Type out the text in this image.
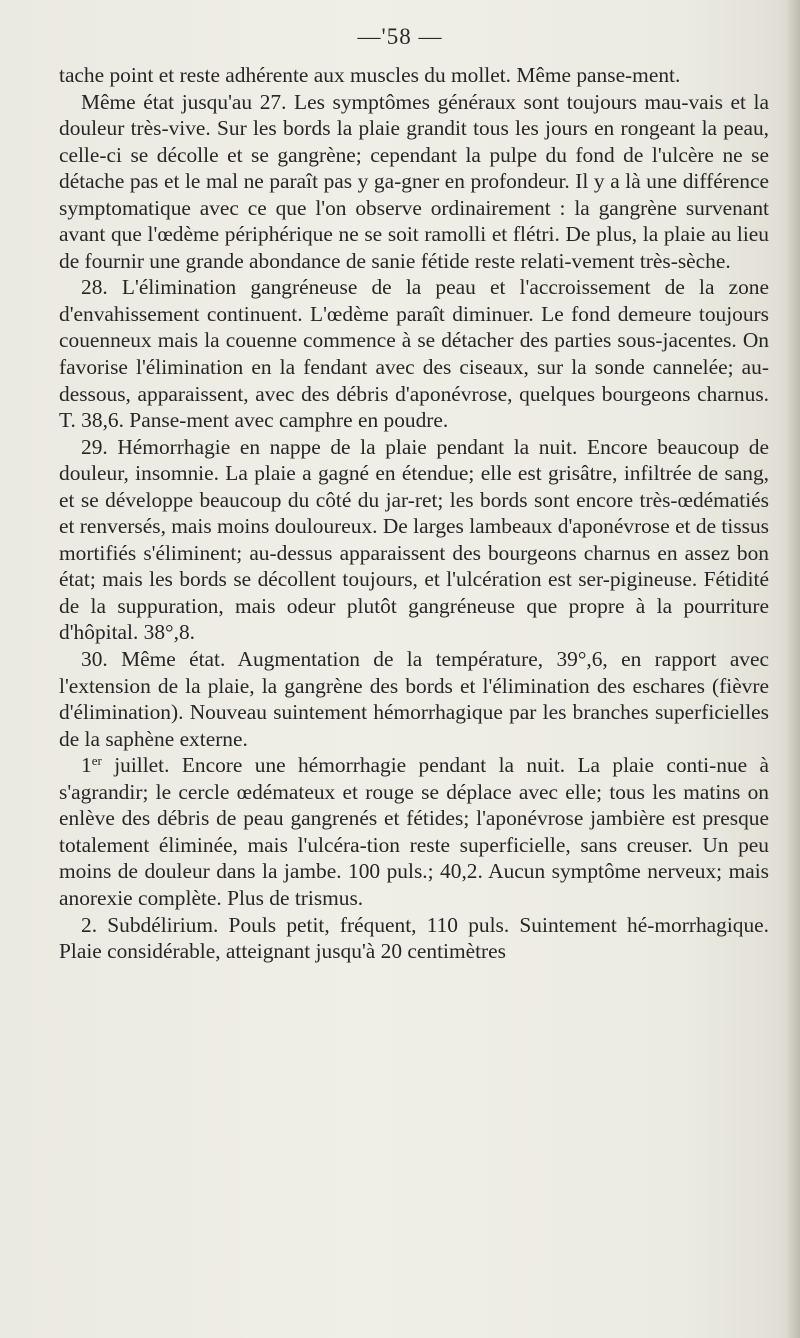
—'58 —

tache point et reste adhérente aux muscles du mollet. Même panse-ment.

Même état jusqu'au 27. Les symptômes généraux sont toujours mau-vais et la douleur très-vive. Sur les bords la plaie grandit tous les jours en rongeant la peau, celle-ci se décolle et se gangrène; cependant la pulpe du fond de l'ulcère ne se détache pas et le mal ne paraît pas y ga-gner en profondeur. Il y a là une différence symptomatique avec ce que l'on observe ordinairement : la gangrène survenant avant que l'œdème périphérique ne se soit ramolli et flétri. De plus, la plaie au lieu de fournir une grande abondance de sanie fétide reste relati-vement très-sèche.

28. L'élimination gangréneuse de la peau et l'accroissement de la zone d'envahissement continuent. L'œdème paraît diminuer. Le fond demeure toujours couenneux mais la couenne commence à se détacher des parties sous-jacentes. On favorise l'élimination en la fendant avec des ciseaux, sur la sonde cannelée; au-dessous, apparaissent, avec des débris d'aponévrose, quelques bourgeons charnus. T. 38,6. Panse-ment avec camphre en poudre.

29. Hémorrhagie en nappe de la plaie pendant la nuit. Encore beaucoup de douleur, insomnie. La plaie a gagné en étendue; elle est grisâtre, infiltrée de sang, et se développe beaucoup du côté du jar-ret; les bords sont encore très-œdématiés et renversés, mais moins douloureux. De larges lambeaux d'aponévrose et de tissus mortifiés s'éliminent; au-dessus apparaissent des bourgeons charnus en assez bon état; mais les bords se décollent toujours, et l'ulcération est ser-pigineuse. Fétidité de la suppuration, mais odeur plutôt gangréneuse que propre à la pourriture d'hôpital. 38°,8.

30. Même état. Augmentation de la température, 39°,6, en rapport avec l'extension de la plaie, la gangrène des bords et l'élimination des eschares (fièvre d'élimination). Nouveau suintement hémorrhagique par les branches superficielles de la saphène externe.

1er juillet. Encore une hémorrhagie pendant la nuit. La plaie conti-nue à s'agrandir; le cercle œdémateux et rouge se déplace avec elle; tous les matins on enlève des débris de peau gangrenés et fétides; l'aponévrose jambière est presque totalement éliminée, mais l'ulcéra-tion reste superficielle, sans creuser. Un peu moins de douleur dans la jambe. 100 puls.; 40,2. Aucun symptôme nerveux; mais anorexie complète. Plus de trismus.

2. Subdélirium. Pouls petit, fréquent, 110 puls. Suintement hé-morrhagique. Plaie considérable, atteignant jusqu'à 20 centimètres
